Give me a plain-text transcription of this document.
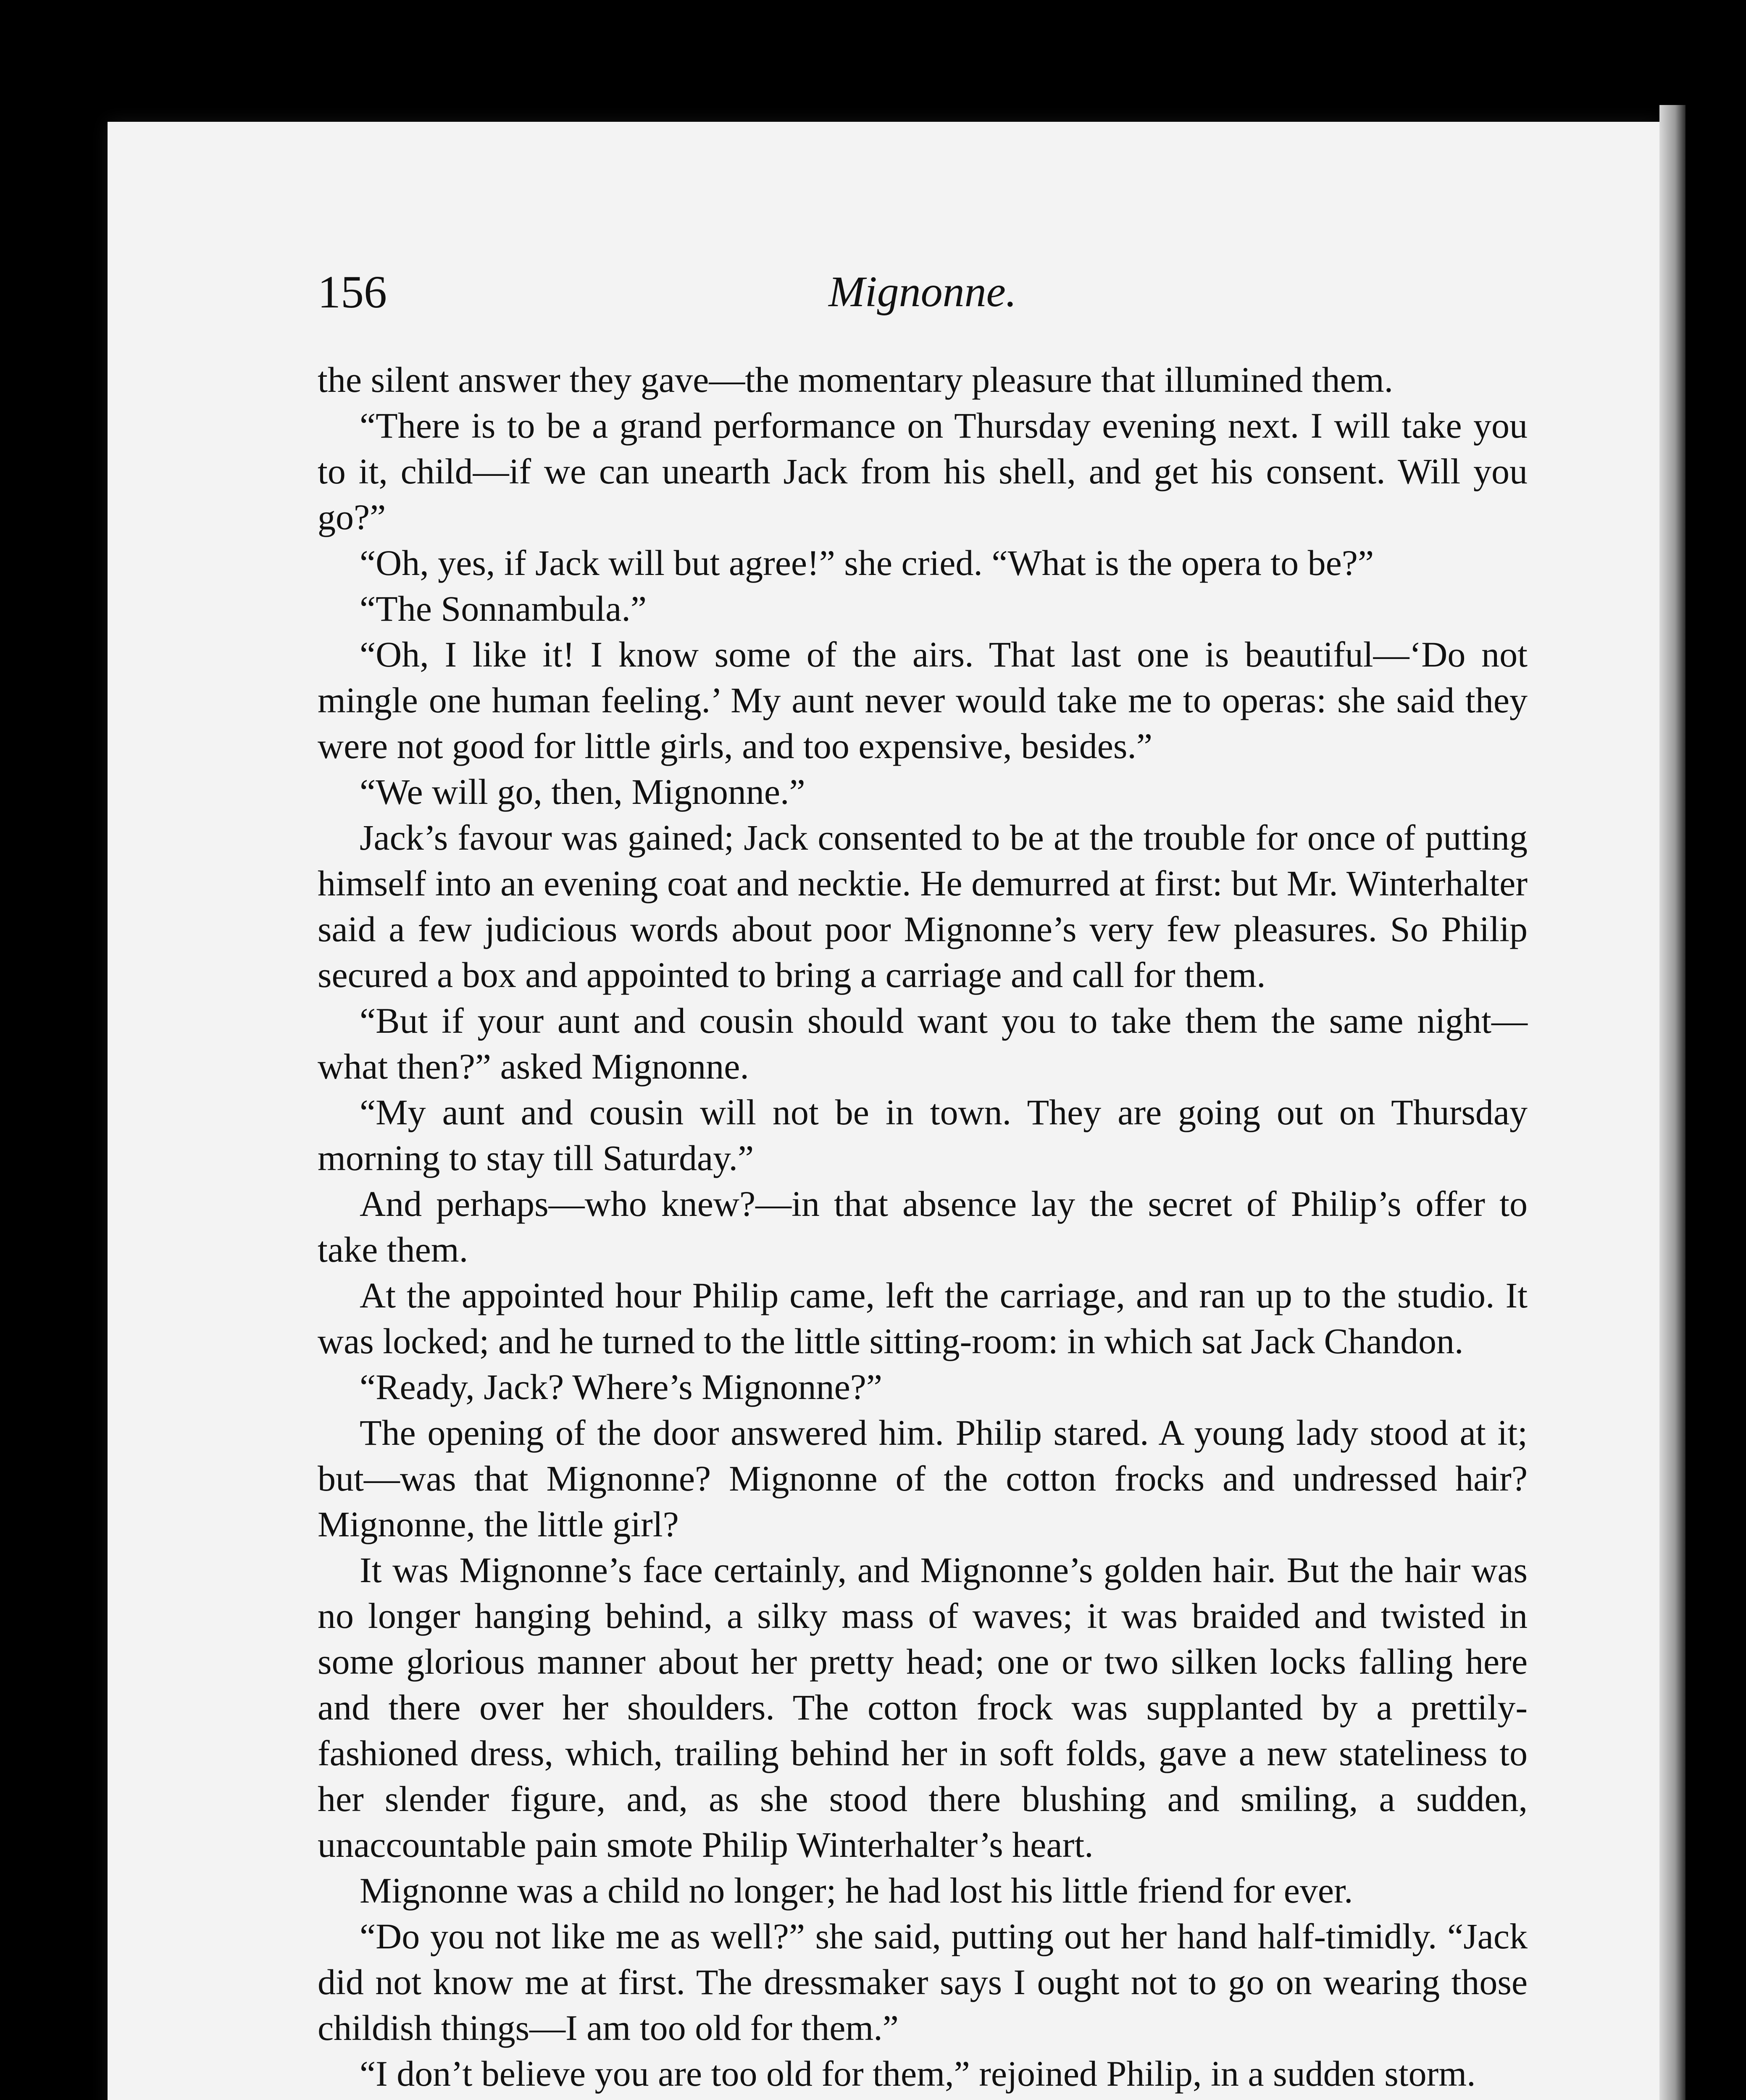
156	Mignonne.

the silent answer they gave—the momentary pleasure that illumined them.

“There is to be a grand performance on Thursday evening next. I will take you to it, child—if we can unearth Jack from his shell, and get his consent. Will you go?”

“Oh, yes, if Jack will but agree!” she cried. “What is the opera to be?”

“The Sonnambula.”

“Oh, I like it! I know some of the airs. That last one is beautiful—‘Do not mingle one human feeling.’ My aunt never would take me to operas: she said they were not good for little girls, and too expensive, besides.”

“We will go, then, Mignonne.”

Jack’s favour was gained; Jack consented to be at the trouble for once of putting himself into an evening coat and necktie. He demurred at first: but Mr. Winterhalter said a few judicious words about poor Mignonne’s very few pleasures. So Philip secured a box and appointed to bring a carriage and call for them.

“But if your aunt and cousin should want you to take them the same night—what then?” asked Mignonne.

“My aunt and cousin will not be in town. They are going out on Thursday morning to stay till Saturday.”

And perhaps—who knew?—in that absence lay the secret of Philip’s offer to take them.

At the appointed hour Philip came, left the carriage, and ran up to the studio. It was locked; and he turned to the little sitting-room: in which sat Jack Chandon.

“Ready, Jack? Where’s Mignonne?”

The opening of the door answered him. Philip stared. A young lady stood at it; but—was that Mignonne? Mignonne of the cotton frocks and undressed hair? Mignonne, the little girl?

It was Mignonne’s face certainly, and Mignonne’s golden hair. But the hair was no longer hanging behind, a silky mass of waves; it was braided and twisted in some glorious manner about her pretty head; one or two silken locks falling here and there over her shoulders. The cotton frock was supplanted by a prettily-fashioned dress, which, trailing behind her in soft folds, gave a new stateliness to her slender figure, and, as she stood there blushing and smiling, a sudden, unaccountable pain smote Philip Winterhalter’s heart.

Mignonne was a child no longer; he had lost his little friend for ever.

“Do you not like me as well?” she said, putting out her hand half-timidly. “Jack did not know me at first. The dressmaker says I ought not to go on wearing those childish things—I am too old for them.”

“I don’t believe you are too old for them,” rejoined Philip, in a sudden storm.
